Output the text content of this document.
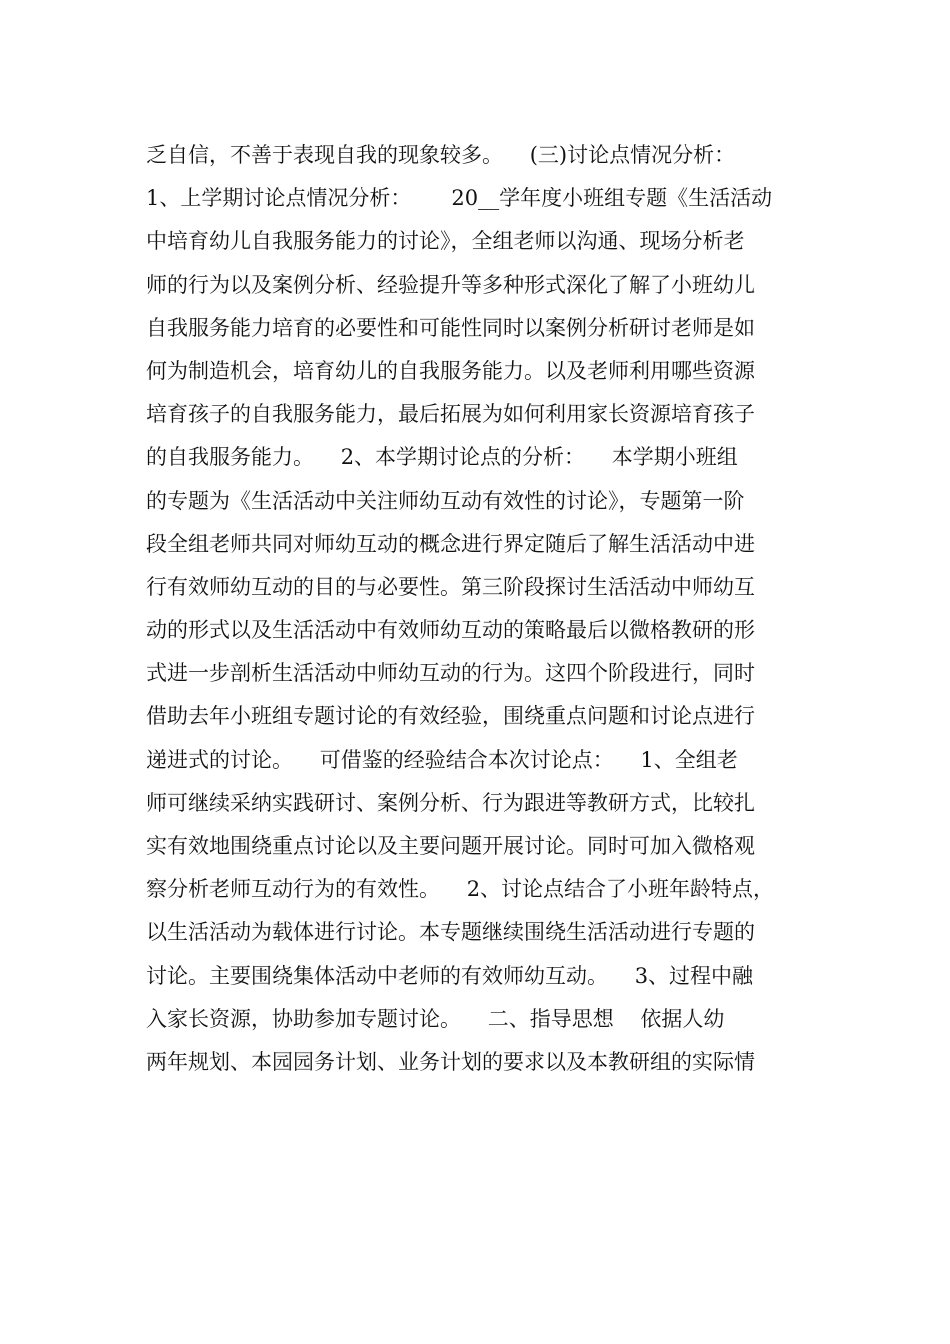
乏自信，不善于表现自我的现象较多。    (三)讨论点情况分析：
1、上学期讨论点情况分析：      20__学年度小班组专题《生活活动
中培育幼儿自我服务能力的讨论》，全组老师以沟通、现场分析老
师的行为以及案例分析、经验提升等多种形式深化了解了小班幼儿
自我服务能力培育的必要性和可能性同时以案例分析研讨老师是如
何为制造机会，培育幼儿的自我服务能力。以及老师利用哪些资源
培育孩子的自我服务能力，最后拓展为如何利用家长资源培育孩子
的自我服务能力。    2、本学期讨论点的分析：    本学期小班组
的专题为《生活活动中关注师幼互动有效性的讨论》，专题第一阶
段全组老师共同对师幼互动的概念进行界定随后了解生活活动中进
行有效师幼互动的目的与必要性。第三阶段探讨生活活动中师幼互
动的形式以及生活活动中有效师幼互动的策略最后以微格教研的形
式进一步剖析生活活动中师幼互动的行为。这四个阶段进行，同时
借助去年小班组专题讨论的有效经验，围绕重点问题和讨论点进行
递进式的讨论。    可借鉴的经验结合本次讨论点：    1、全组老
师可继续采纳实践研讨、案例分析、行为跟进等教研方式，比较扎
实有效地围绕重点讨论以及主要问题开展讨论。同时可加入微格观
察分析老师互动行为的有效性。    2、讨论点结合了小班年龄特点，
以生活活动为载体进行讨论。本专题继续围绕生活活动进行专题的
讨论。主要围绕集体活动中老师的有效师幼互动。    3、过程中融
入家长资源，协助参加专题讨论。    二、指导思想    依据人幼
两年规划、本园园务计划、业务计划的要求以及本教研组的实际情
